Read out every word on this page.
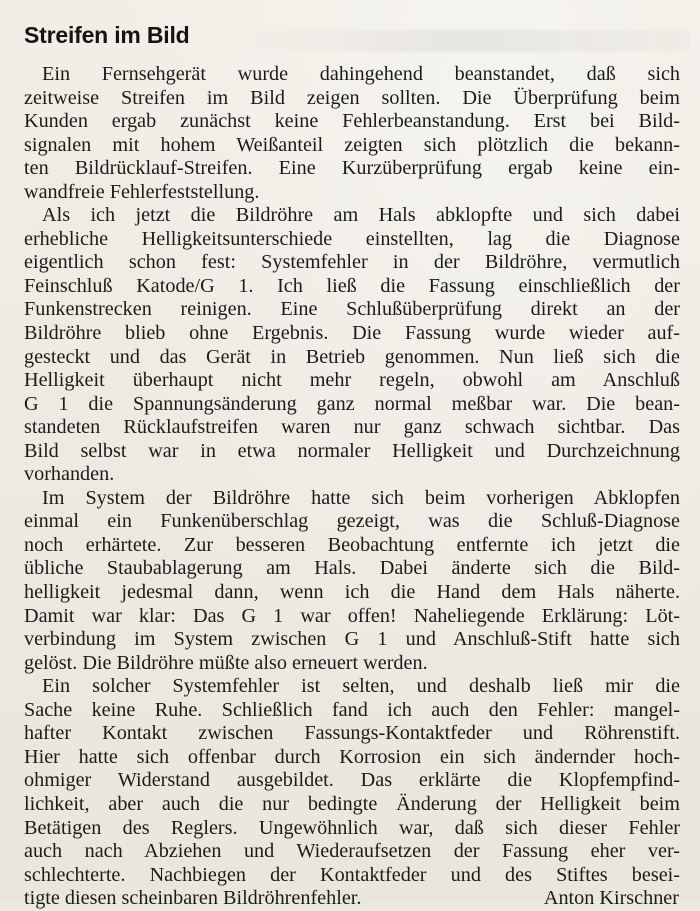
Streifen im Bild
Ein Fernsehgerät wurde dahingehend beanstandet, daß sich
zeitweise Streifen im Bild zeigen sollten. Die Überprüfung beim
Kunden ergab zunächst keine Fehlerbeanstandung. Erst bei Bild-
signalen mit hohem Weißanteil zeigten sich plötzlich die bekann-
ten Bildrücklauf-Streifen. Eine Kurzüberprüfung ergab keine ein-
wandfreie Fehlerfeststellung.
Als ich jetzt die Bildröhre am Hals abklopfte und sich dabei
erhebliche Helligkeitsunterschiede einstellten, lag die Diagnose
eigentlich schon fest: Systemfehler in der Bildröhre, vermutlich
Feinschluß Katode/G 1. Ich ließ die Fassung einschließlich der
Funkenstrecken reinigen. Eine Schlußüberprüfung direkt an der
Bildröhre blieb ohne Ergebnis. Die Fassung wurde wieder auf-
gesteckt und das Gerät in Betrieb genommen. Nun ließ sich die
Helligkeit überhaupt nicht mehr regeln, obwohl am Anschluß
G 1 die Spannungsänderung ganz normal meßbar war. Die bean-
standeten Rücklaufstreifen waren nur ganz schwach sichtbar. Das
Bild selbst war in etwa normaler Helligkeit und Durchzeichnung
vorhanden.
Im System der Bildröhre hatte sich beim vorherigen Abklopfen
einmal ein Funkenüberschlag gezeigt, was die Schluß-Diagnose
noch erhärtete. Zur besseren Beobachtung entfernte ich jetzt die
übliche Staubablagerung am Hals. Dabei änderte sich die Bild-
helligkeit jedesmal dann, wenn ich die Hand dem Hals näherte.
Damit war klar: Das G 1 war offen! Naheliegende Erklärung: Löt-
verbindung im System zwischen G 1 und Anschluß-Stift hatte sich
gelöst. Die Bildröhre müßte also erneuert werden.
Ein solcher Systemfehler ist selten, und deshalb ließ mir die
Sache keine Ruhe. Schließlich fand ich auch den Fehler: mangel-
hafter Kontakt zwischen Fassungs-Kontaktfeder und Röhrenstift.
Hier hatte sich offenbar durch Korrosion ein sich ändernder hoch-
ohmiger Widerstand ausgebildet. Das erklärte die Klopfempfind-
lichkeit, aber auch die nur bedingte Änderung der Helligkeit beim
Betätigen des Reglers. Ungewöhnlich war, daß sich dieser Fehler
auch nach Abziehen und Wiederaufsetzen der Fassung eher ver-
schlechterte. Nachbiegen der Kontaktfeder und des Stiftes besei-
tigte diesen scheinbaren Bildröhrenfehler.	Anton Kirschner
